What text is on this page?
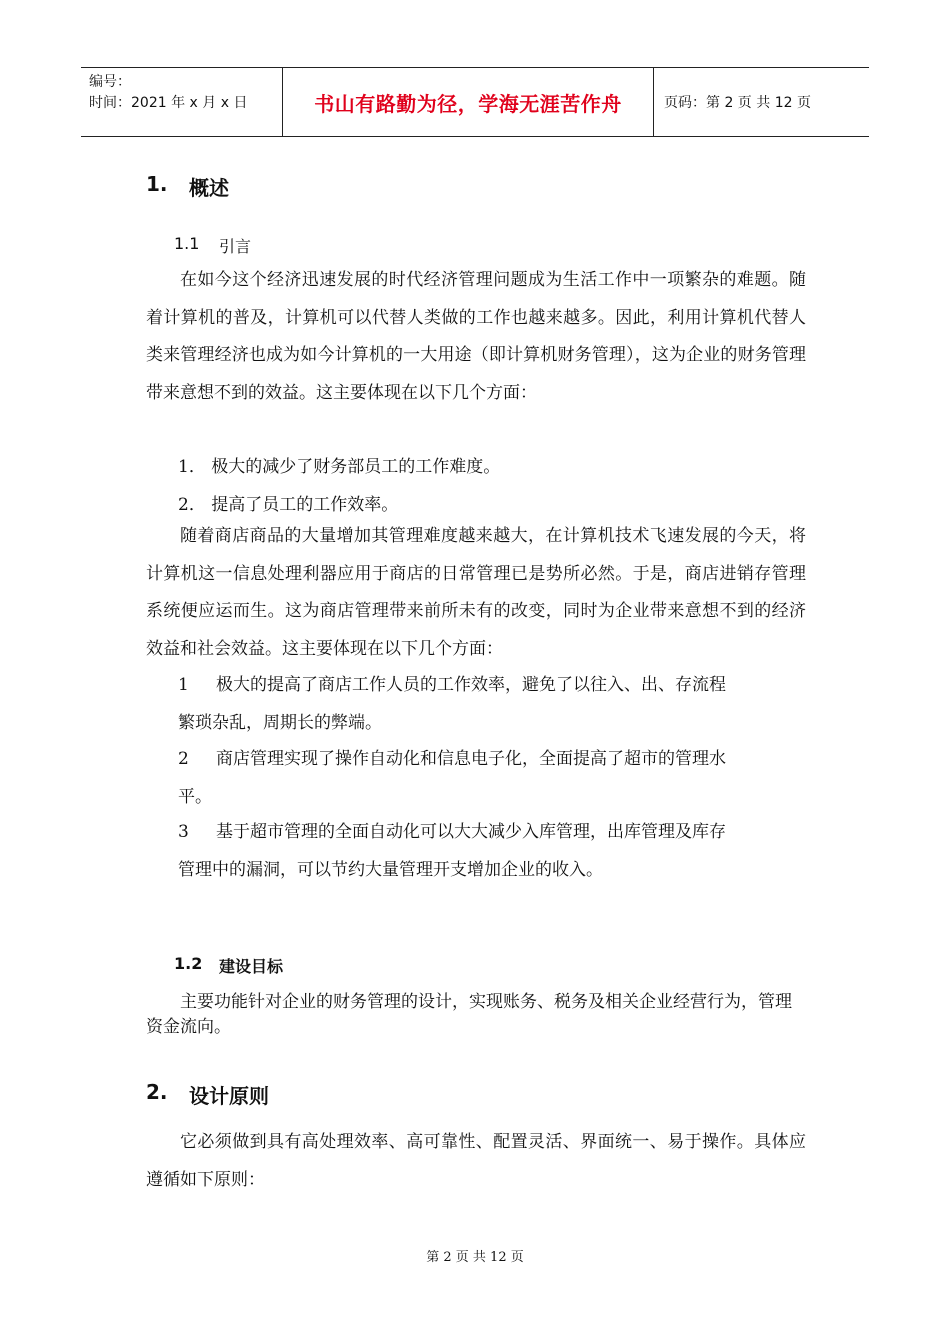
编号：
时间：2021 年 x 月 x 日	书山有路勤为径，学海无涯苦作舟	页码：第 2 页 共 12 页
1.	概述
1.1	引言

在如今这个经济迅速发展的时代经济管理问题成为生活工作中一项繁杂的难题。随着计算机的普及，计算机可以代替人类做的工作也越来越多。因此，利用计算机代替人类来管理经济也成为如今计算机的一大用途（即计算机财务管理），这为企业的财务管理带来意想不到的效益。这主要体现在以下几个方面：

1． 极大的减少了财务部员工的工作难度。
2． 提高了员工的工作效率。

随着商店商品的大量增加其管理难度越来越大，在计算机技术飞速发展的今天，将计算机这一信息处理利器应用于商店的日常管理已是势所必然。于是，商店进销存管理系统便应运而生。这为商店管理带来前所未有的改变，同时为企业带来意想不到的经济效益和社会效益。这主要体现在以下几个方面：

1 极大的提高了商店工作人员的工作效率，避免了以往入、出、存流程
繁琐杂乱，周期长的弊端。
2 商店管理实现了操作自动化和信息电子化，全面提高了超市的管理水
平。
3 基于超市管理的全面自动化可以大大减少入库管理，出库管理及库存
管理中的漏洞，可以节约大量管理开支增加企业的收入。
1.2	建设目标

主要功能针对企业的财务管理的设计，实现账务、税务及相关企业经营行为，管理资金流向。

2.	设计原则

它必须做到具有高处理效率、高可靠性、配置灵活、界面统一、易于操作。具体应遵循如下原则：

第 2 页 共 12 页
